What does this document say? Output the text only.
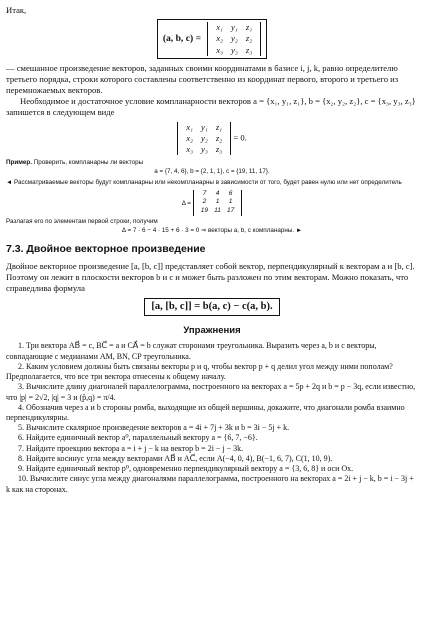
Итак,

(a, b, c) =
x₁	y₁	z₁
x₂	y₂	z₂
x₃	y₃	z₃

— смешанное произведение векторов, заданных своими координатами в базисе i, j, k, равно определителю третьего порядка, строки которого составлены соответственно из координат первого, второго и третьего из перемножаемых векторов.

Необходимое и достаточное условие компланарности векторов a = {x₁, y₁, z₁}, b = {x₂, y₂, z₂}, c = {x₃, y₃, z₃} запишется в следующем виде

x₁	y₁	z₁
x₂	y₂	z₂
x₃	y₃	z₃
= 0.

Пример. Проверить, компланарны ли векторы

a = {7, 4, 6}, b = {2, 1, 1}, c = {19, 11, 17}.

◄ Рассматриваемые векторы будут компланарны или некомпланарны в зависимости от того, будет равен нулю или нет определитель

Δ =
7	4	6
2	1	1
19	11	17

Разлагая его по элементам первой строки, получим

Δ = 7 · 6 − 4 · 15 + 6 · 3 = 0 ⇒ векторы a, b, c компланарны. ►

7.3. Двойное векторное произведение

Двойное векторное произведение [a, [b, c]] представляет собой вектор, перпендикулярный к векторам a и [b, c]. Поэтому он лежит в плоскости векторов b и c и может быть разложен по этим векторам. Можно показать, что справедлива формула

[a, [b, c]] = b(a, c) − c(a, b).
Упражнения

1. Три вектора AB⃗ = c, BC⃗ = a и CA⃗ = b служат сторонами треугольника. Выразить через a, b и c векторы, совпадающие с медианами AM, BN, CP треугольника.

2. Каким условием должны быть связаны векторы p и q, чтобы вектор p + q делил угол между ними пополам? Предполагается, что все три вектора отнесены к общему началу.

3. Вычислите длину диагоналей параллелограмма, построенного на векторах a = 5p + 2q и b = p − 3q, если известно, что |p| = 2√2, |q| = 3 и (p̂,q) = π/4.

4. Обозначив через a и b стороны ромба, выходящие из общей вершины, докажите, что диагонали ромба взаимно перпендикулярны.

5. Вычислите скалярное произведение векторов a = 4i + 7j + 3k и b = 3i − 5j + k.

6. Найдите единичный вектор a⁰, параллельный вектору a = {6, 7, −6}.

7. Найдите проекцию вектора a = i + j − k на вектор b = 2i − j − 3k.

8. Найдите косинус угла между векторами AB⃗ и AC⃗, если A(−4, 0, 4), B(−1, 6, 7), C(1, 10, 9).

9. Найдите единичный вектор p⁰, одновременно перпендикулярный вектору a = {3, 6, 8} и оси Ox.

10. Вычислите синус угла между диагоналями параллелограмма, построенного на векторах a = 2i + j − k, b = i − 3j + k как на сторонах.
